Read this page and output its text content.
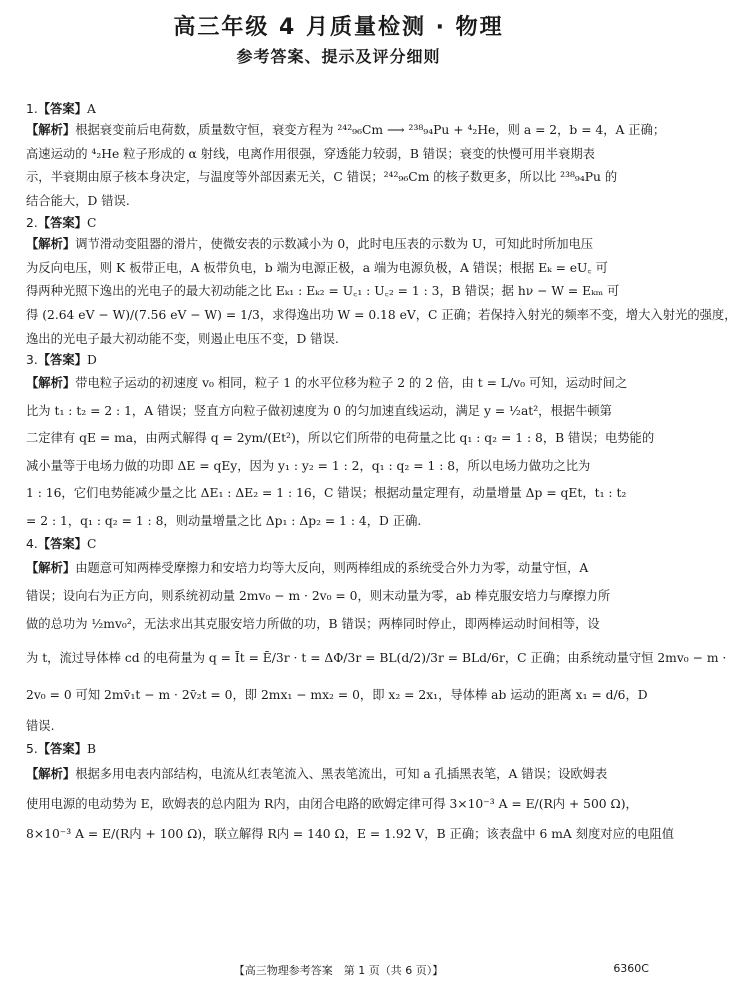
高三年级 4 月质量检测 · 物理
参考答案、提示及评分细则
1.【答案】A
【解析】根据衰变前后电荷数，质量数守恒，衰变方程为 ²⁴²₉₆Cm ⟶ ²³⁸₉₄Pu + ⁴₂He，则 a = 2，b = 4，A 正确；
高速运动的 ⁴₂He 粒子形成的 α 射线，电离作用很强，穿透能力较弱，B 错误；衰变的快慢可用半衰期表
示，半衰期由原子核本身决定，与温度等外部因素无关，C 错误；²⁴²₉₆Cm 的核子数更多，所以比 ²³⁸₉₄Pu 的
结合能大，D 错误.
2.【答案】C
【解析】调节滑动变阻器的滑片，使微安表的示数减小为 0，此时电压表的示数为 U，可知此时所加电压
为反向电压，则 K 板带正电，A 板带负电，b 端为电源正极，a 端为电源负极，A 错误；根据 Eₖ = eU꜀ 可
得两种光照下逸出的光电子的最大初动能之比 Eₖ₁ : Eₖ₂ = U꜀₁ : U꜀₂ = 1 : 3，B 错误；据 hν − W = Eₖₘ 可
得 (2.64 eV − W)/(7.56 eV − W) = 1/3，求得逸出功 W = 0.18 eV，C 正确；若保持入射光的频率不变，增大入射光的强度，
逸出的光电子最大初动能不变，则遏止电压不变，D 错误.
3.【答案】D
【解析】带电粒子运动的初速度 v₀ 相同，粒子 1 的水平位移为粒子 2 的 2 倍，由 t = L/v₀ 可知，运动时间之
比为 t₁ : t₂ = 2 : 1，A 错误；竖直方向粒子做初速度为 0 的匀加速直线运动，满足 y = ½at²，根据牛顿第
二定律有 qE = ma，由两式解得 q = 2ym/(Et²)，所以它们所带的电荷量之比 q₁ : q₂ = 1 : 8，B 错误；电势能的
减小量等于电场力做的功即 ΔE = qEy，因为 y₁ : y₂ = 1 : 2，q₁ : q₂ = 1 : 8，所以电场力做功之比为
1 : 16，它们电势能减少量之比 ΔE₁ : ΔE₂ = 1 : 16，C 错误；根据动量定理有，动量增量 Δp = qEt，t₁ : t₂
= 2 : 1，q₁ : q₂ = 1 : 8，则动量增量之比 Δp₁ : Δp₂ = 1 : 4，D 正确.
4.【答案】C
【解析】由题意可知两棒受摩擦力和安培力均等大反向，则两棒组成的系统受合外力为零，动量守恒，A
错误；设向右为正方向，则系统初动量 2mv₀ − m · 2v₀ = 0，则末动量为零，ab 棒克服安培力与摩擦力所
做的总功为 ½mv₀²，无法求出其克服安培力所做的功，B 错误；两棒同时停止，即两棒运动时间相等，设
为 t，流过导体棒 cd 的电荷量为 q = Īt = Ē/3r · t = ΔΦ/3r = BL(d/2)/3r = BLd/6r，C 正确；由系统动量守恒 2mv₀ − m ·
2v₀ = 0 可知 2mv̄₁t − m · 2v̄₂t = 0，即 2mx₁ − mx₂ = 0，即 x₂ = 2x₁，导体棒 ab 运动的距离 x₁ = d/6，D
错误.
5.【答案】B
【解析】根据多用电表内部结构，电流从红表笔流入、黑表笔流出，可知 a 孔插黑表笔，A 错误；设欧姆表
使用电源的电动势为 E，欧姆表的总内阻为 R内，由闭合电路的欧姆定律可得 3×10⁻³ A = E/(R内 + 500 Ω)，
8×10⁻³ A = E/(R内 + 100 Ω)，联立解得 R内 = 140 Ω，E = 1.92 V，B 正确；该表盘中 6 mA 刻度对应的电阻值
【高三物理参考答案　第 1 页（共 6 页）】	6360C
